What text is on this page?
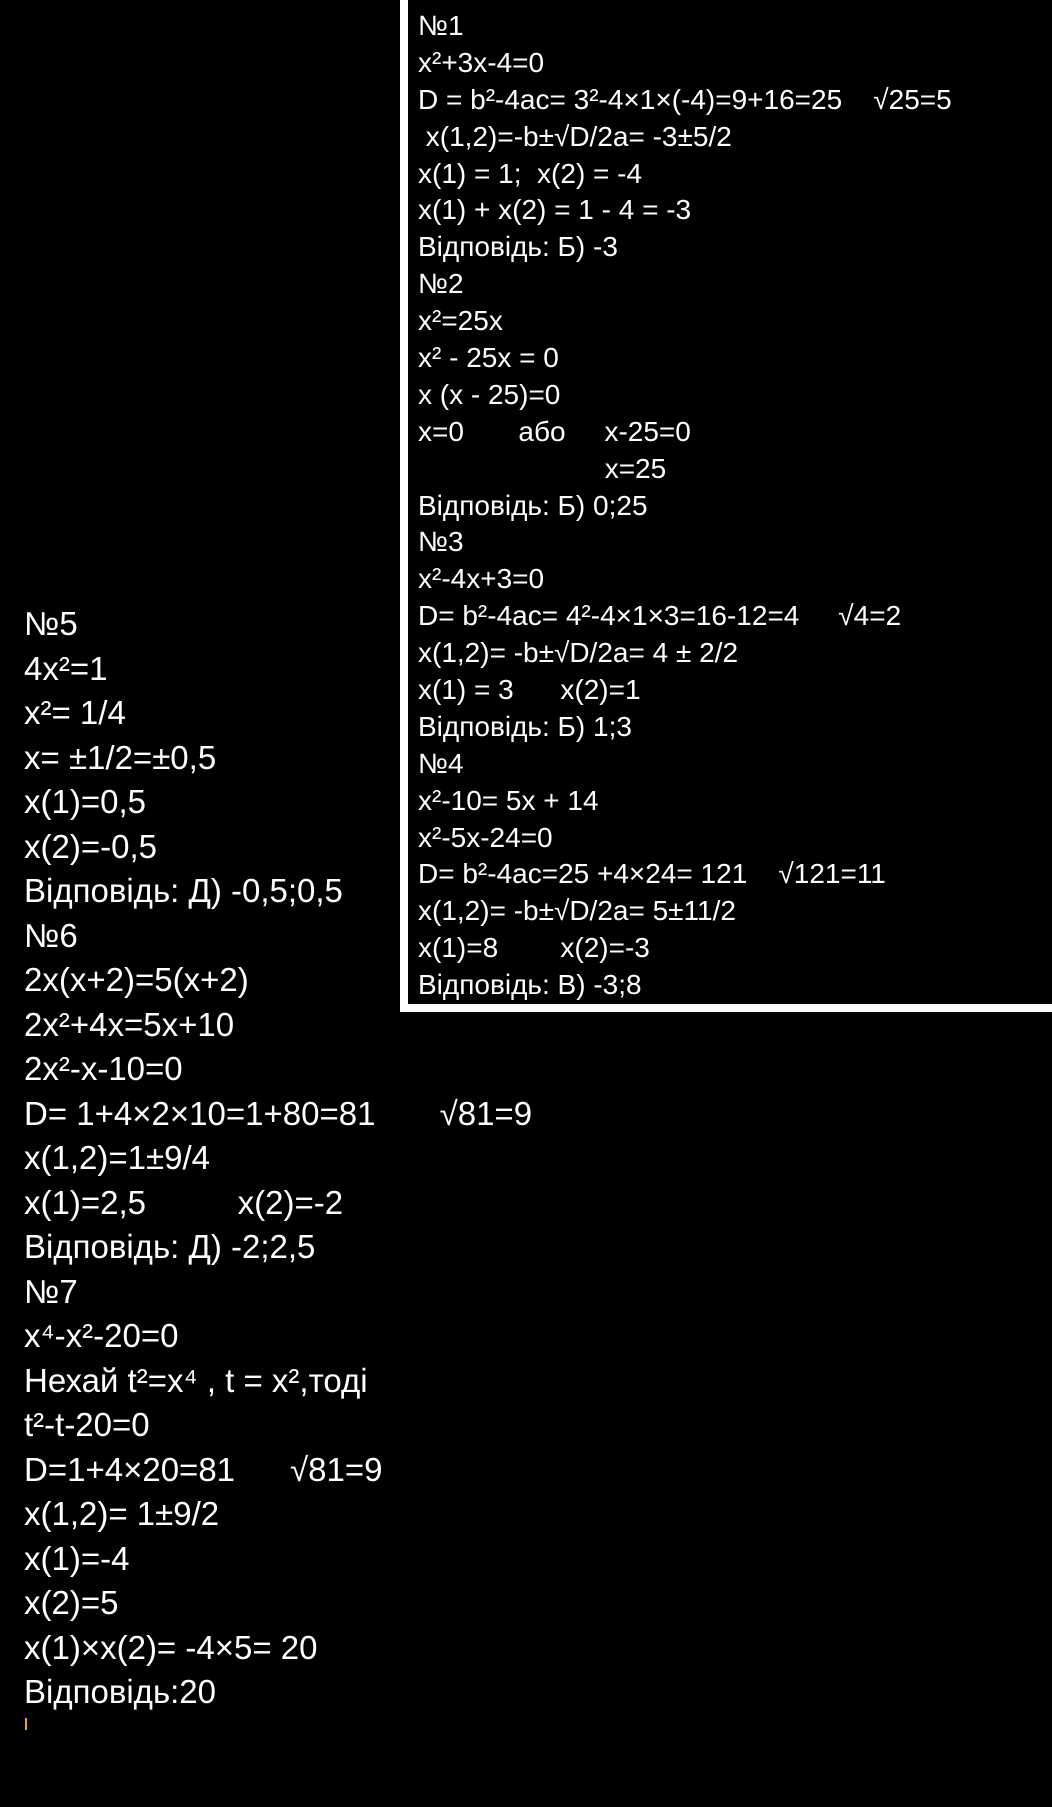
№1
x²+3x-4=0
D = b²-4ac= 3²-4×1×(-4)=9+16=25    √25=5
x(1,2)=-b±√D/2a= -3±5/2
x(1) = 1;  x(2) = -4
x(1) + x(2) = 1 - 4 = -3
Відповідь: Б) -3
№2
x²=25x
x² - 25x = 0
x (x - 25)=0
x=0       або     x-25=0
x=25
Відповідь: Б) 0;25
№3
x²-4x+3=0
D= b²-4ac= 4²-4×1×3=16-12=4     √4=2
x(1,2)= -b±√D/2a= 4 ± 2/2
x(1) = 3      x(2)=1
Відповідь: Б) 1;3
№4
x²-10= 5x + 14
x²-5x-24=0
D= b²-4ac=25 +4×24= 121    √121=11
x(1,2)= -b±√D/2a= 5±11/2
x(1)=8        x(2)=-3
Відповідь: В) -3;8
№5
4x²=1
x²= 1/4
x= ±1/2=±0,5
x(1)=0,5
x(2)=-0,5
Відповідь: Д) -0,5;0,5
№6
2x(x+2)=5(x+2)
2x²+4x=5x+10
2x²-x-10=0
D= 1+4×2×10=1+80=81       √81=9
x(1,2)=1±9/4
x(1)=2,5          x(2)=-2
Відповідь: Д) -2;2,5
№7
x⁴-x²-20=0
Нехай t²=x⁴ , t = x²,тоді
t²-t-20=0
D=1+4×20=81      √81=9
x(1,2)= 1±9/2
x(1)=-4
x(2)=5
x(1)×x(2)= -4×5= 20
Відповідь:20
